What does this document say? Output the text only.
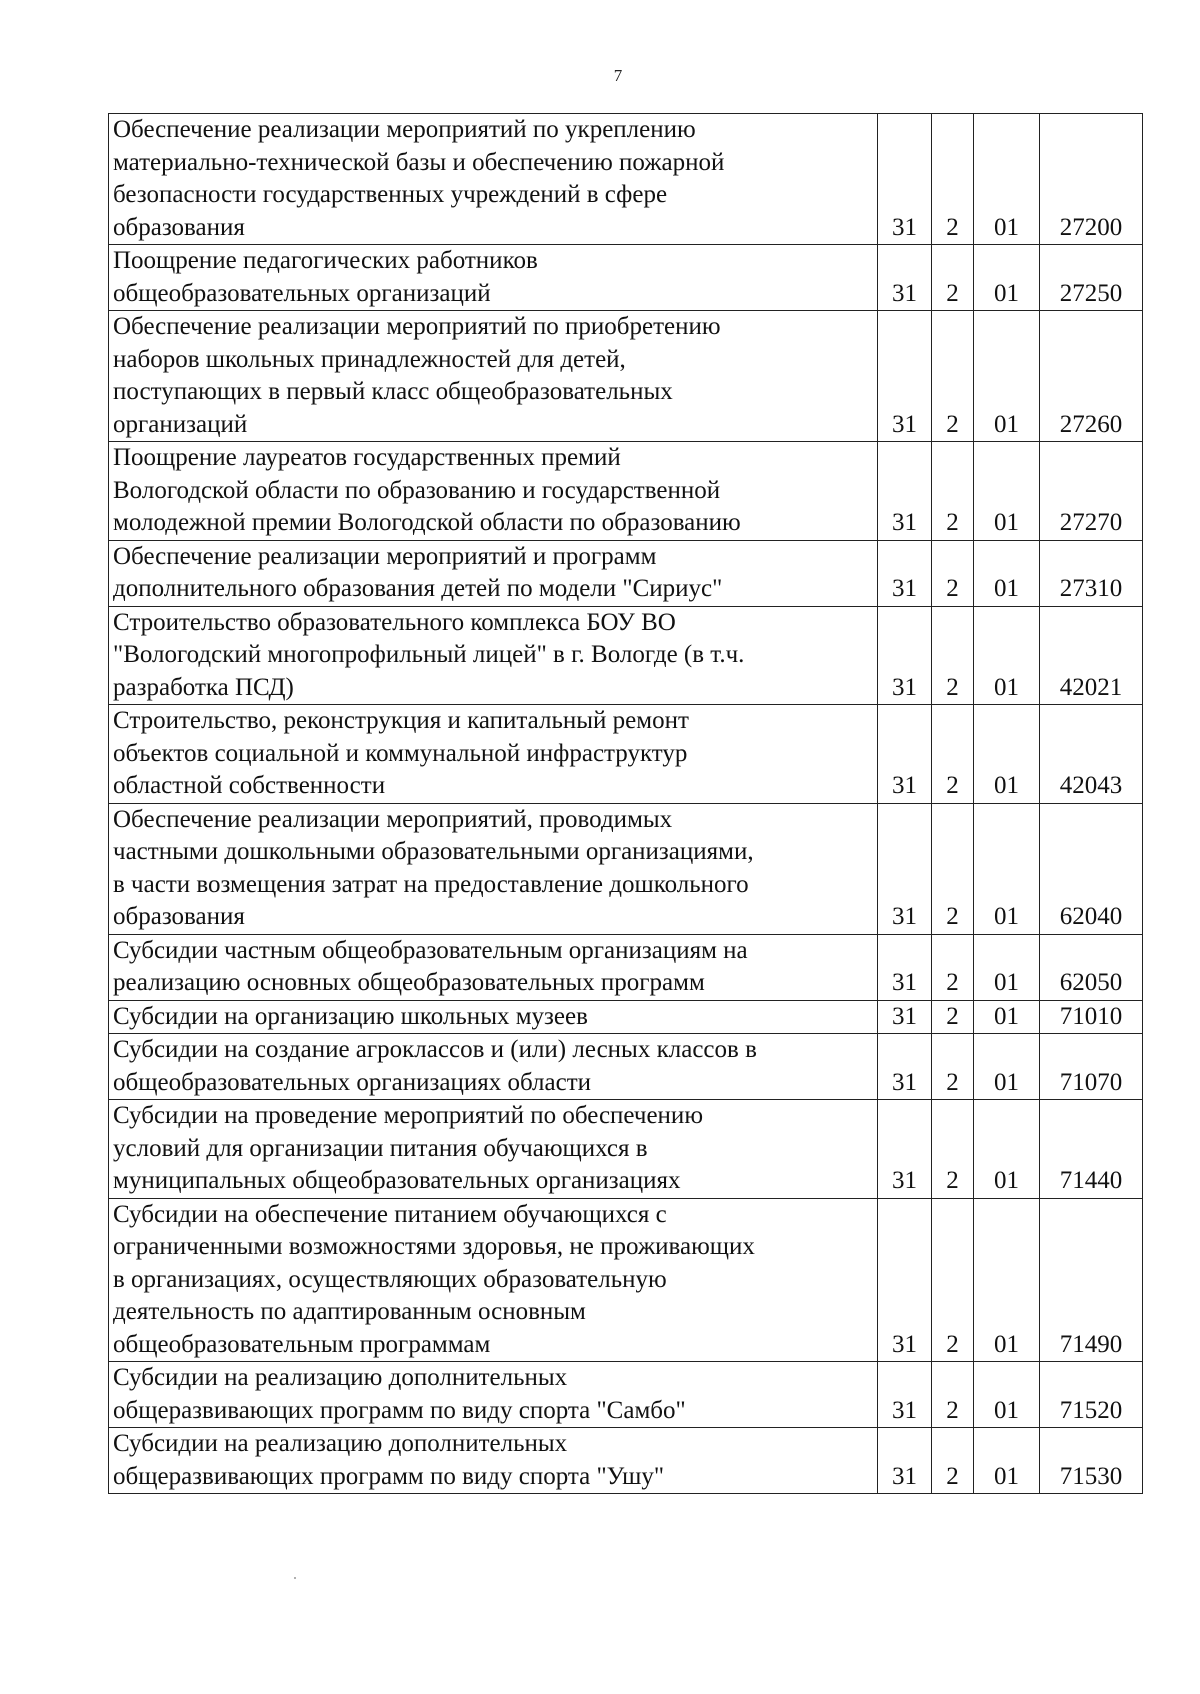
7
Обеспечение реализации мероприятий по укреплению
материально-технической базы и обеспечению пожарной
безопасности государственных учреждений в сфере
образования	31	2	01	27200

Поощрение педагогических работников
общеобразовательных организаций	31	2	01	27250

Обеспечение реализации мероприятий по приобретению
наборов школьных принадлежностей для детей,
поступающих в первый класс общеобразовательных
организаций	31	2	01	27260

Поощрение лауреатов государственных премий
Вологодской области по образованию и государственной
молодежной премии Вологодской области по образованию	31	2	01	27270

Обеспечение реализации мероприятий и программ
дополнительного образования детей по модели "Сириус"	31	2	01	27310

Строительство образовательного комплекса БОУ ВО
"Вологодский многопрофильный лицей" в г. Вологде (в т.ч.
разработка ПСД)	31	2	01	42021

Строительство, реконструкция и капитальный ремонт
объектов социальной и коммунальной инфраструктур
областной собственности	31	2	01	42043

Обеспечение реализации мероприятий, проводимых
частными дошкольными образовательными организациями,
в части возмещения затрат на предоставление дошкольного
образования	31	2	01	62040

Субсидии частным общеобразовательным организациям на
реализацию основных общеобразовательных программ	31	2	01	62050

Субсидии на организацию школьных музеев	31	2	01	71010

Субсидии на создание агроклассов и (или) лесных классов в
общеобразовательных организациях области	31	2	01	71070

Субсидии на проведение мероприятий по обеспечению
условий для организации питания обучающихся в
муниципальных общеобразовательных организациях	31	2	01	71440

Субсидии на обеспечение питанием обучающихся с
ограниченными возможностями здоровья, не проживающих
в организациях, осуществляющих образовательную
деятельность по адаптированным основным
общеобразовательным программам	31	2	01	71490

Субсидии на реализацию дополнительных
общеразвивающих программ по виду спорта "Самбо"	31	2	01	71520

Субсидии на реализацию дополнительных
общеразвивающих программ по виду спорта "Ушу"	31	2	01	71530
